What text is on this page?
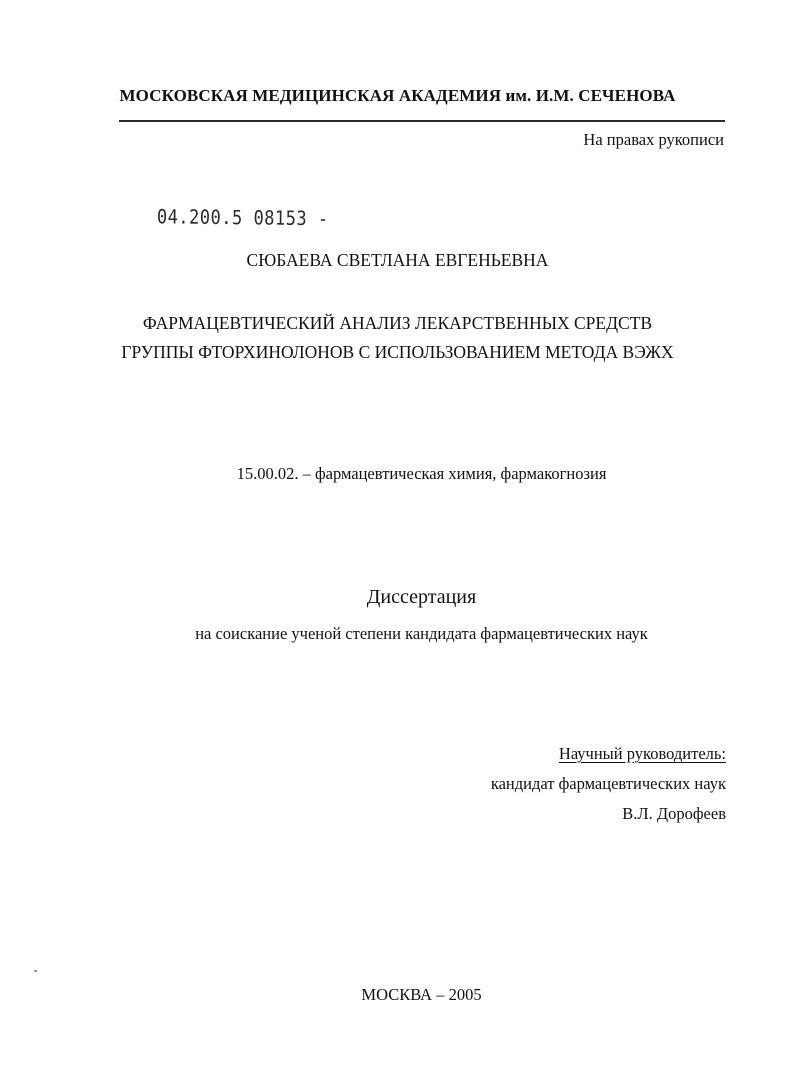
МОСКОВСКАЯ МЕДИЦИНСКАЯ АКАДЕМИЯ им. И.М. СЕЧЕНОВА
На правах рукописи
04.200.5 08153 -
СЮБАЕВА СВЕТЛАНА ЕВГЕНЬЕВНА
ФАРМАЦЕВТИЧЕСКИЙ АНАЛИЗ ЛЕКАРСТВЕННЫХ СРЕДСТВ
ГРУППЫ ФТОРХИНОЛОНОВ С ИСПОЛЬЗОВАНИЕМ МЕТОДА ВЭЖХ
15.00.02. – фармацевтическая химия, фармакогнозия
Диссертация
на соискание ученой степени кандидата фармацевтических наук
Научный руководитель:
кандидат фармацевтических наук
В.Л. Дорофеев
МОСКВА – 2005
